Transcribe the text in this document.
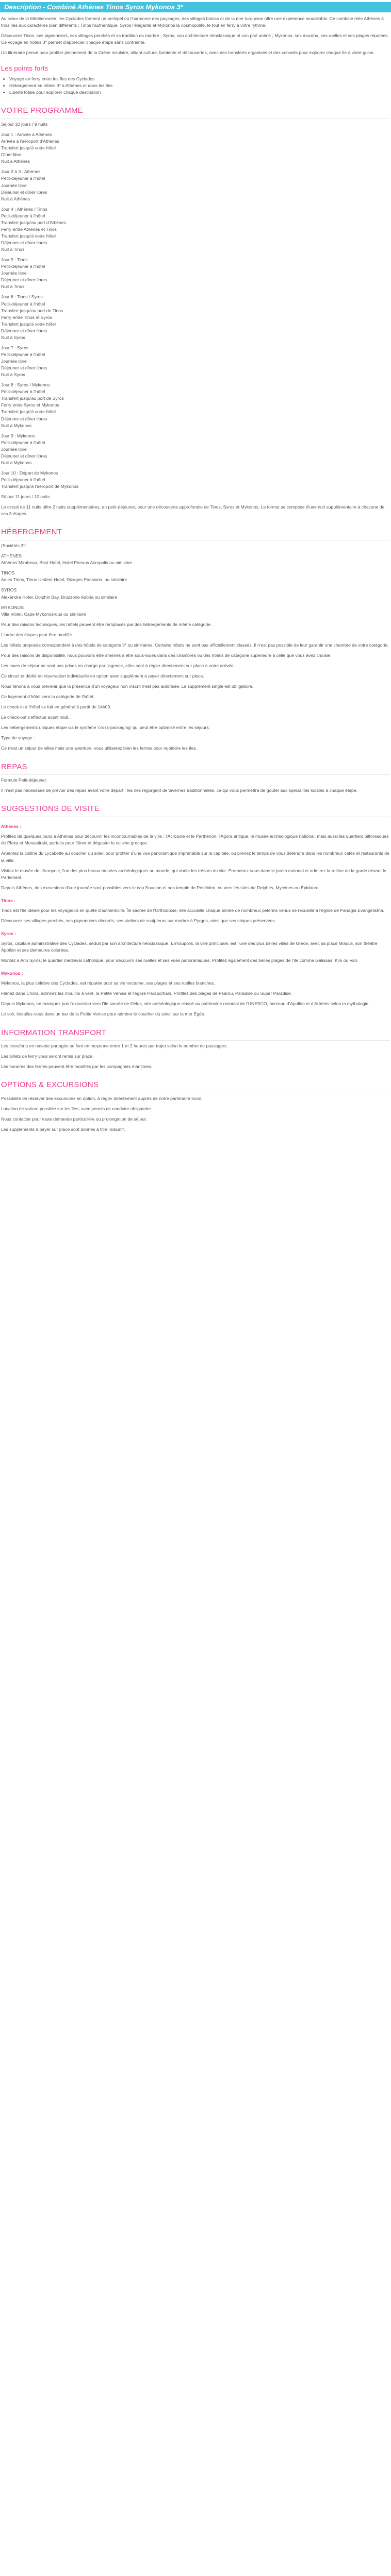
Description - Combiné Athènes Tinos Syros Mykonos 3*

Au cœur de la Méditerranée, les Cyclades forment un archipel où l'harmonie des paysages, des villages blancs et de la mer turquoise offre une expérience inoubliable. Ce combiné relie Athènes à trois îles aux caractères bien différents : Tinos l'authentique, Syros l'élégante et Mykonos la cosmopolite, le tout en ferry à votre rythme.

Découvrez Tinos, ses pigeonniers, ses villages perchés et sa tradition du marbre ; Syros, son architecture néoclassique et son port animé ; Mykonos, ses moulins, ses ruelles et ses plages réputées. Ce voyage en hôtels 3* permet d'apprécier chaque étape sans contrainte.

Un itinéraire pensé pour profiter pleinement de la Grèce insulaire, alliant culture, farniente et découvertes, avec des transferts organisés et des conseils pour explorer chaque île à votre guise.

Les points forts
• Voyage en ferry entre les îles des Cyclades
• Hébergement en hôtels 3* à Athènes et dans les îles
• Liberté totale pour explorer chaque destination
VOTRE PROGRAMME

Séjour 10 jours / 9 nuits

Jour 1 : Arrivée à Athènes
Arrivée à l'aéroport d'Athènes
Transfert jusqu'à votre hôtel
Dîner libre
Nuit à Athènes
Jour 2 à 3 : Athènes
Petit-déjeuner à l'hôtel
Journée libre
Déjeuner et dîner libres
Nuit à Athènes
Jour 4 : Athènes / Tinos
Petit-déjeuner à l'hôtel
Transfert jusqu'au port d'Athènes
Ferry entre Athènes et Tinos
Transfert jusqu'à votre hôtel
Déjeuner et dîner libres
Nuit à Tinos
Jour 5 : Tinos
Petit-déjeuner à l'hôtel
Journée libre
Déjeuner et dîner libres
Nuit à Tinos
Jour 6 : Tinos / Syros
Petit-déjeuner à l'hôtel
Transfert jusqu'au port de Tinos
Ferry entre Tinos et Syros
Transfert jusqu'à votre hôtel
Déjeuner et dîner libres
Nuit à Syros
Jour 7 : Syros
Petit-déjeuner à l'hôtel
Journée libre
Déjeuner et dîner libres
Nuit à Syros
Jour 8 : Syros / Mykonos
Petit-déjeuner à l'hôtel
Transfert jusqu'au port de Syros
Ferry entre Syros et Mykonos
Transfert jusqu'à votre hôtel
Déjeuner et dîner libres
Nuit à Mykonos
Jour 9 : Mykonos
Petit-déjeuner à l'hôtel
Journée libre
Déjeuner et dîner libres
Nuit à Mykonos
Jour 10 : Départ de Mykonos
Petit-déjeuner à l'hôtel
Transfert jusqu'à l'aéroport de Mykonos

Séjour 11 jours / 10 nuits

Le circuit de 11 nuits offre 2 nuits supplémentaires, en petit-déjeuner, pour une découverte approfondie de Tinos, Syros et Mykonos. Le format se compose d'une nuit supplémentaire à chacune de ces 3 étapes.

HÉBERGEMENT

(Sociétés 3* :

ATHÈNES
Athènes Mirabeau, Best Hotel, Hotel Pireaus Acropolis ou similaire
TINOS
Aeles Tinos, Tinos Ursfeet Hotel, Dizages Pansions, ou similaire
SYROS
Alexandra Hotel, Dolphin Bay, Bruzzone Adoria ou similaire
MYKONOS
Villa Violet, Cape Mykonosrous ou similaire

Pour des raisons techniques, les hôtels peuvent être remplacés par des hébergements de même catégorie.

L'ordre des étapes peut être modifié.

Les hôtels proposés correspondent à des hôtels de catégorie 3* ou similaires. Certains hôtels ne sont pas officiellement classés. Il n'est pas possible de leur garantir une chambre de votre catégorie.

Pour des raisons de disponibilité, nous pouvons être amenés à être sous-loués dans des chambres ou des hôtels de catégorie supérieure à celle que vous avez choisie.

Les taxes de séjour ne sont pas prises en charge par l'agence, elles sont à régler directement sur place à votre arrivée.

Ce circuit et dédié en réservation individuelle en option avec supplément à payer directement sur place.

Nous tenons à vous prévenir que la présence d'un voyageur non inscrit n'est pas autorisée. Le supplément single est obligatoire.

Ce logement d'hôtel sera la catégorie de l'hôtel.

Le check-in à l'hôtel se fait en général à partir de 14h00.

Le check-out s'effectue avant midi.

Les hébergements uniques étape via le système 'cross-packaging' qui peut être optimisé entre les séjours.

Type de voyage :

Ce n'est un séjour de villes mais une aventure, vous utiliserez bien les ferries pour rejoindre les îles.

REPAS

Formule Petit-déjeuner.

Il n'est pas nécessaire de prévoir des repas avant votre départ : les îles regorgent de tavernes traditionnelles, ce qui vous permettra de goûter aux spécialités locales à chaque étape.

SUGGESTIONS DE VISITE

Athènes :

Profitez de quelques jours à Athènes pour découvrir les incontournables de la ville : l'Acropole et le Parthénon, l'Agora antique, le musée archéologique national, mais aussi les quartiers pittoresques de Plaka et Monastiraki, parfaits pour flâner et déguster la cuisine grecque.

Arpentez la colline du Lycabette au coucher du soleil pour profiter d'une vue panoramique imprenable sur la capitale, ou prenez le temps de vous détendre dans les nombreux cafés et restaurants de la ville.

Visitez le musée de l'Acropole, l'un des plus beaux musées archéologiques au monde, qui abrite les trésors du site. Promenez-vous dans le jardin national et admirez la relève de la garde devant le Parlement.

Depuis Athènes, des excursions d'une journée sont possibles vers le cap Sounion et son temple de Poséidon, ou vers les sites de Delphes, Mycènes ou Épidaure.

Tinos :

Tinos est l'île idéale pour les voyageurs en quête d'authenticité. Île sacrée de l'Orthodoxie, elle accueille chaque année de nombreux pèlerins venus se recueillir à l'église de Panagia Evangelistria.

Découvrez ses villages perchés, ses pigeonniers décorés, ses ateliers de sculpteurs sur marbre à Pyrgos, ainsi que ses criques préservées.

Syros :

Syros, capitale administrative des Cyclades, séduit par son architecture néoclassique. Ermoupolis, la ville principale, est l'une des plus belles villes de Grèce, avec sa place Miaouli, son théâtre Apollon et ses demeures colorées.

Montez à Ano Syros, le quartier médiéval catholique, pour découvrir ses ruelles et ses vues panoramiques. Profitez également des belles plages de l'île comme Galissas, Kini ou Vari.

Mykonos :

Mykonos, la plus célèbre des Cyclades, est réputée pour sa vie nocturne, ses plages et ses ruelles blanches.

Flânez dans Chora, admirez les moulins à vent, la Petite Venise et l'église Paraportiani. Profitez des plages de Psarou, Paradise ou Super Paradise.

Depuis Mykonos, ne manquez pas l'excursion vers l'île sacrée de Délos, site archéologique classé au patrimoine mondial de l'UNESCO, berceau d'Apollon et d'Artémis selon la mythologie.

Le soir, installez-vous dans un bar de la Petite Venise pour admirer le coucher du soleil sur la mer Égée.

INFORMATION TRANSPORT

Les transferts en navette partagée se font en moyenne entre 1 et 2 heures par trajet selon le nombre de passagers.

Les billets de ferry vous seront remis sur place.

Les horaires des ferries peuvent être modifiés par les compagnies maritimes.

OPTIONS & EXCURSIONS

Possibilité de réserver des excursions en option, à régler directement auprès de notre partenaire local.

Location de voiture possible sur les îles, avec permis de conduire obligatoire.

Nous contacter pour toute demande particulière ou prolongation de séjour.

Les suppléments à payer sur place sont donnés à titre indicatif.
